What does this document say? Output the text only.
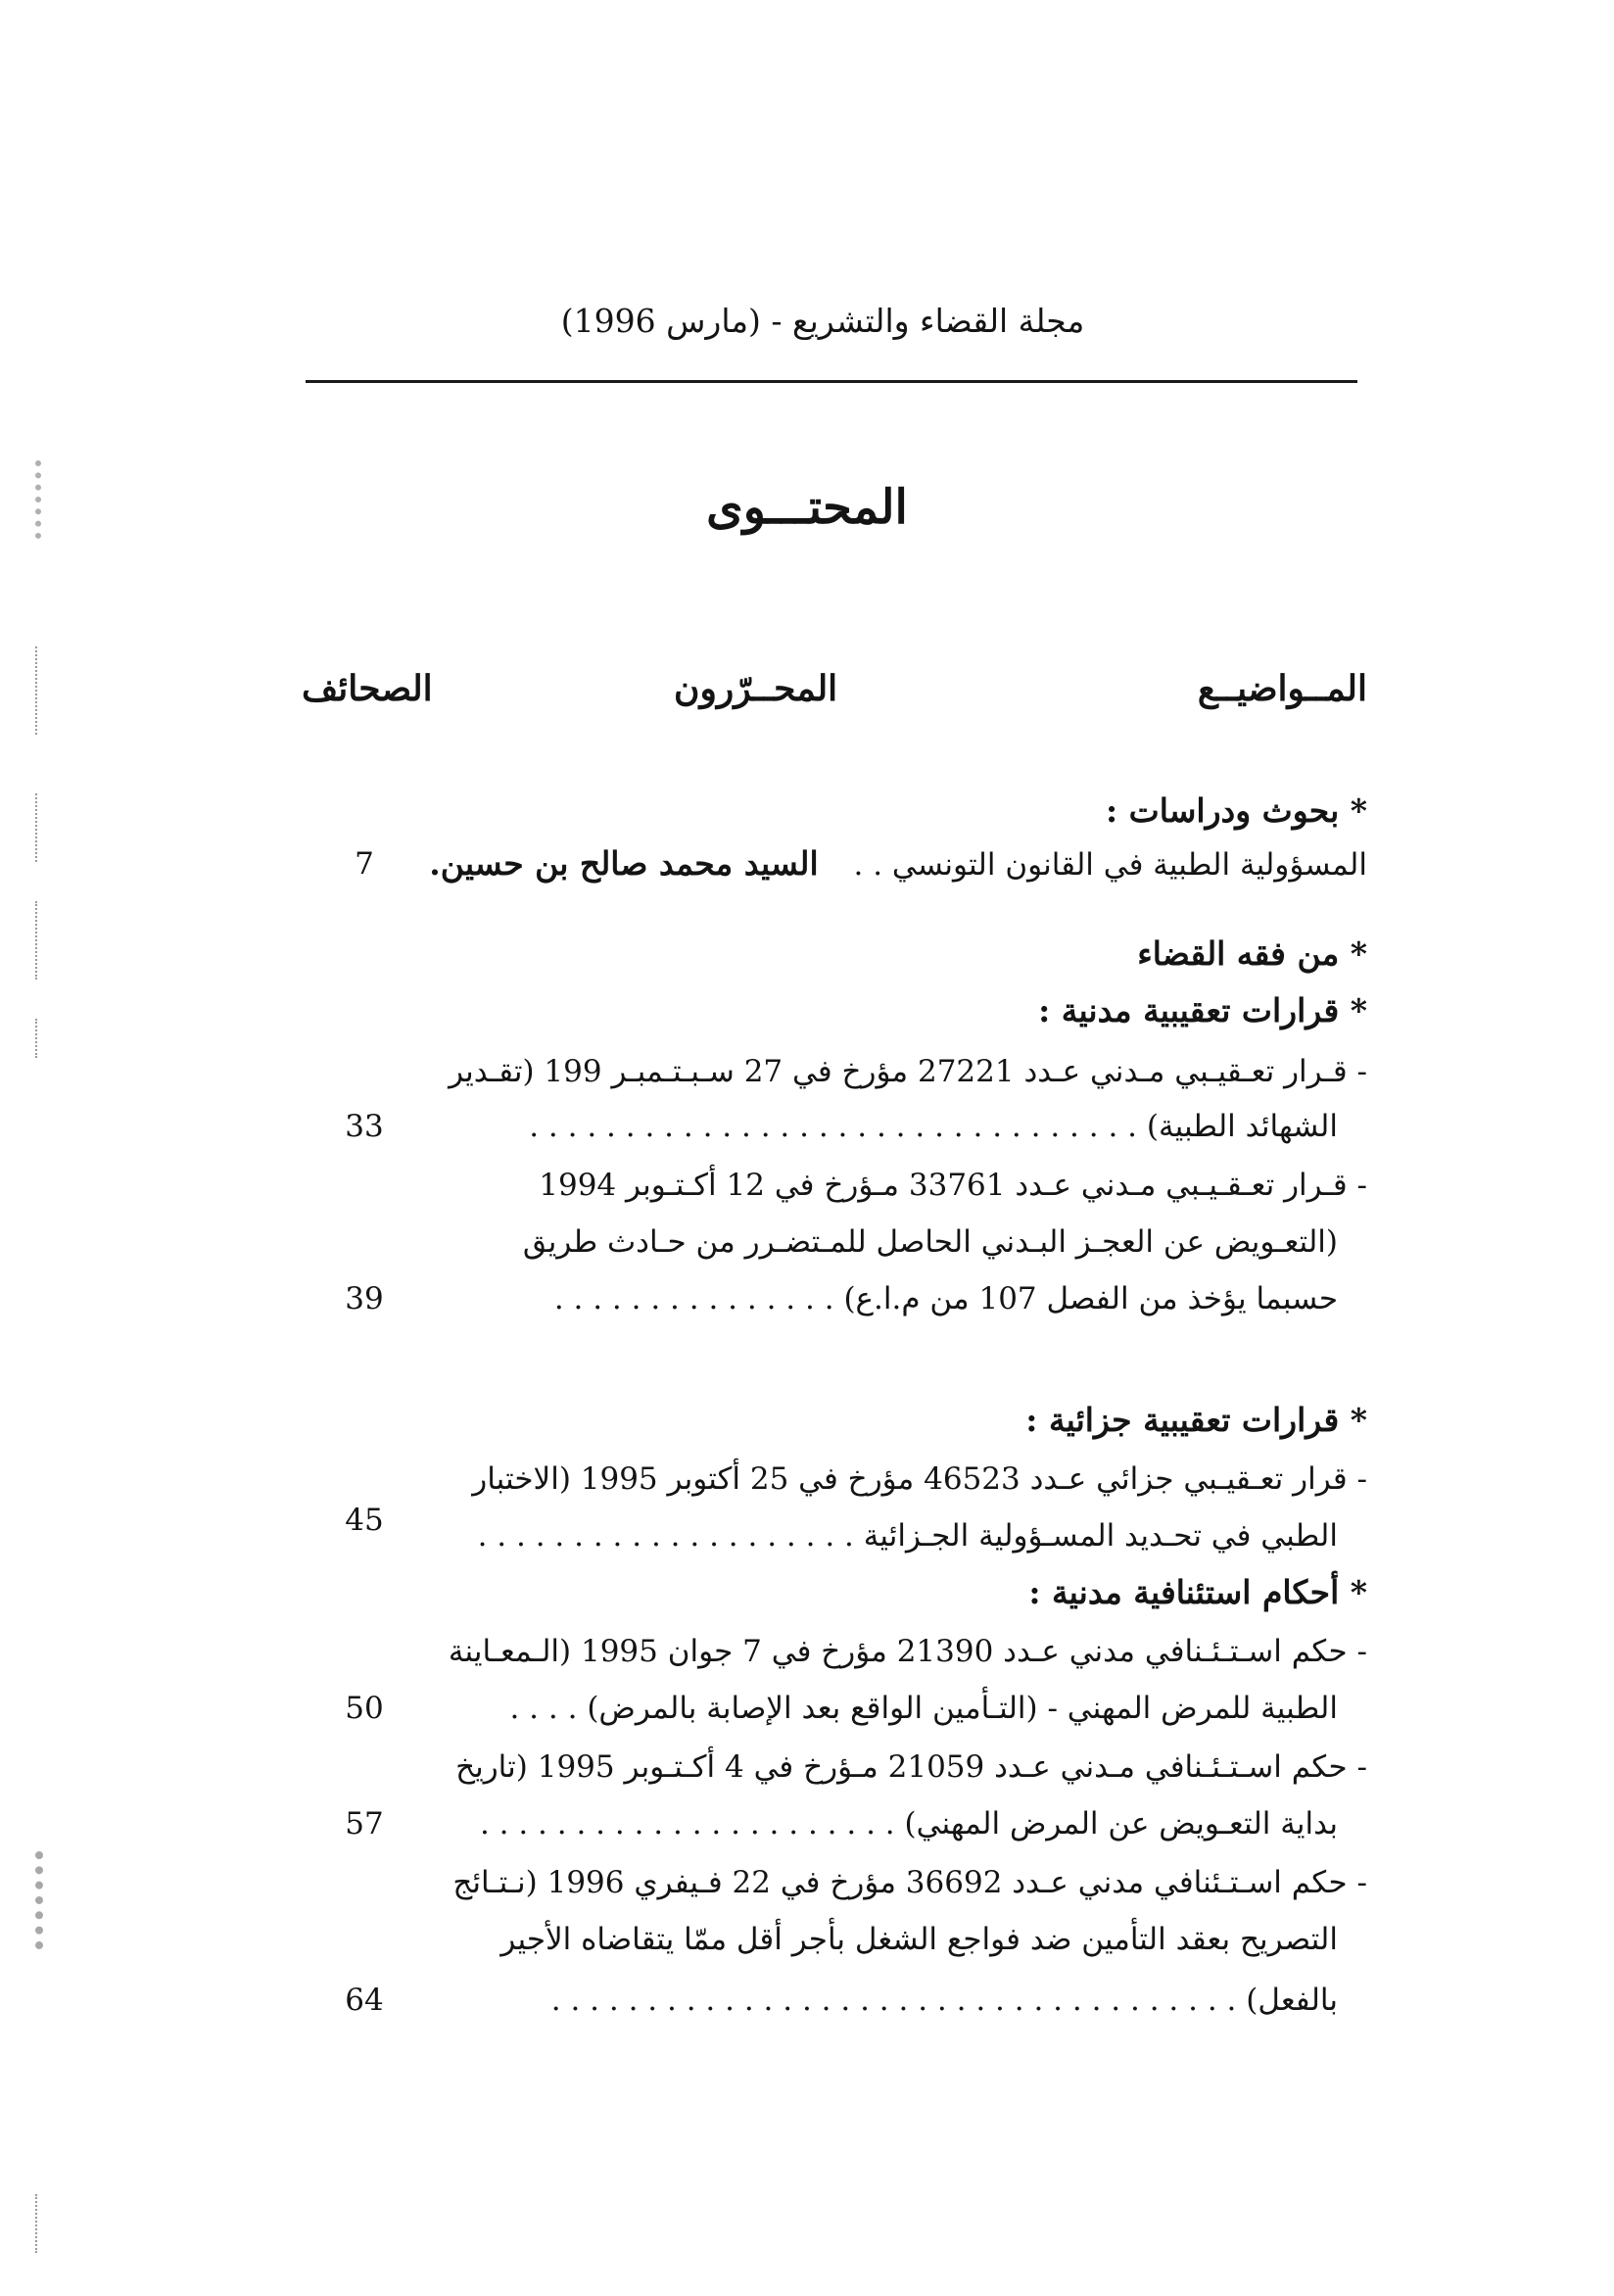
مجلة القضاء والتشريع - (مارس 1996)
المحتـــوى
المــواضيــع
المحــرّرون
الصحائف
* بحوث ودراسات :
المسؤولية الطبية في القانون التونسي . . السيد محمد صالح بن حسين.
7
* من فقه القضاء
* قرارات تعقيبية مدنية :
- قـرار تعـقيـبي مـدني عـدد 27221 مؤرخ في 27 سـبـتـمبـر 199 (تقـدير
الشهائد الطبية) . . . . . . . . . . . . . . . . . . . . . . . . . . . . . . . .
33
- قـرار تعـقـيـبي مـدني عـدد 33761 مـؤرخ في 12 أكـتـوبر 1994
(التعـويض عن العجـز البـدني الحاصل للمـتضـرر من حـادث طريق
حسبما يؤخذ من الفصل 107 من م.ا.ع) . . . . . . . . . . . . . . .
39
* قرارات تعقيبية جزائية :
- قرار تعـقيـبي جزائي عـدد 46523 مؤرخ في 25 أكتوبر 1995 (الاختبار
الطبي في تحـديد المسـؤولية الجـزائية . . . . . . . . . . . . . . . . . . . .
45
* أحكام استئنافية مدنية :
- حكم اسـتـئـنافي مدني عـدد 21390 مؤرخ في 7 جوان 1995 (الـمعـاينة
الطبية للمرض المهني - (التـأمين الواقع بعد الإصابة بالمرض) . . . .
50
- حكم اسـتـئـنافي مـدني عـدد 21059 مـؤرخ في 4 أكـتـوبر 1995 (تاريخ
بداية التعـويض عن المرض المهني) . . . . . . . . . . . . . . . . . . . . . .
57
- حكم اسـتـئنافي مدني عـدد 36692 مؤرخ في 22 فـيفري 1996 (نـتـائج
التصريح بعقد التأمين ضد فواجع الشغل بأجر أقل ممّا يتقاضاه الأجير
بالفعل) . . . . . . . . . . . . . . . . . . . . . . . . . . . . . . . . . . . .
64
